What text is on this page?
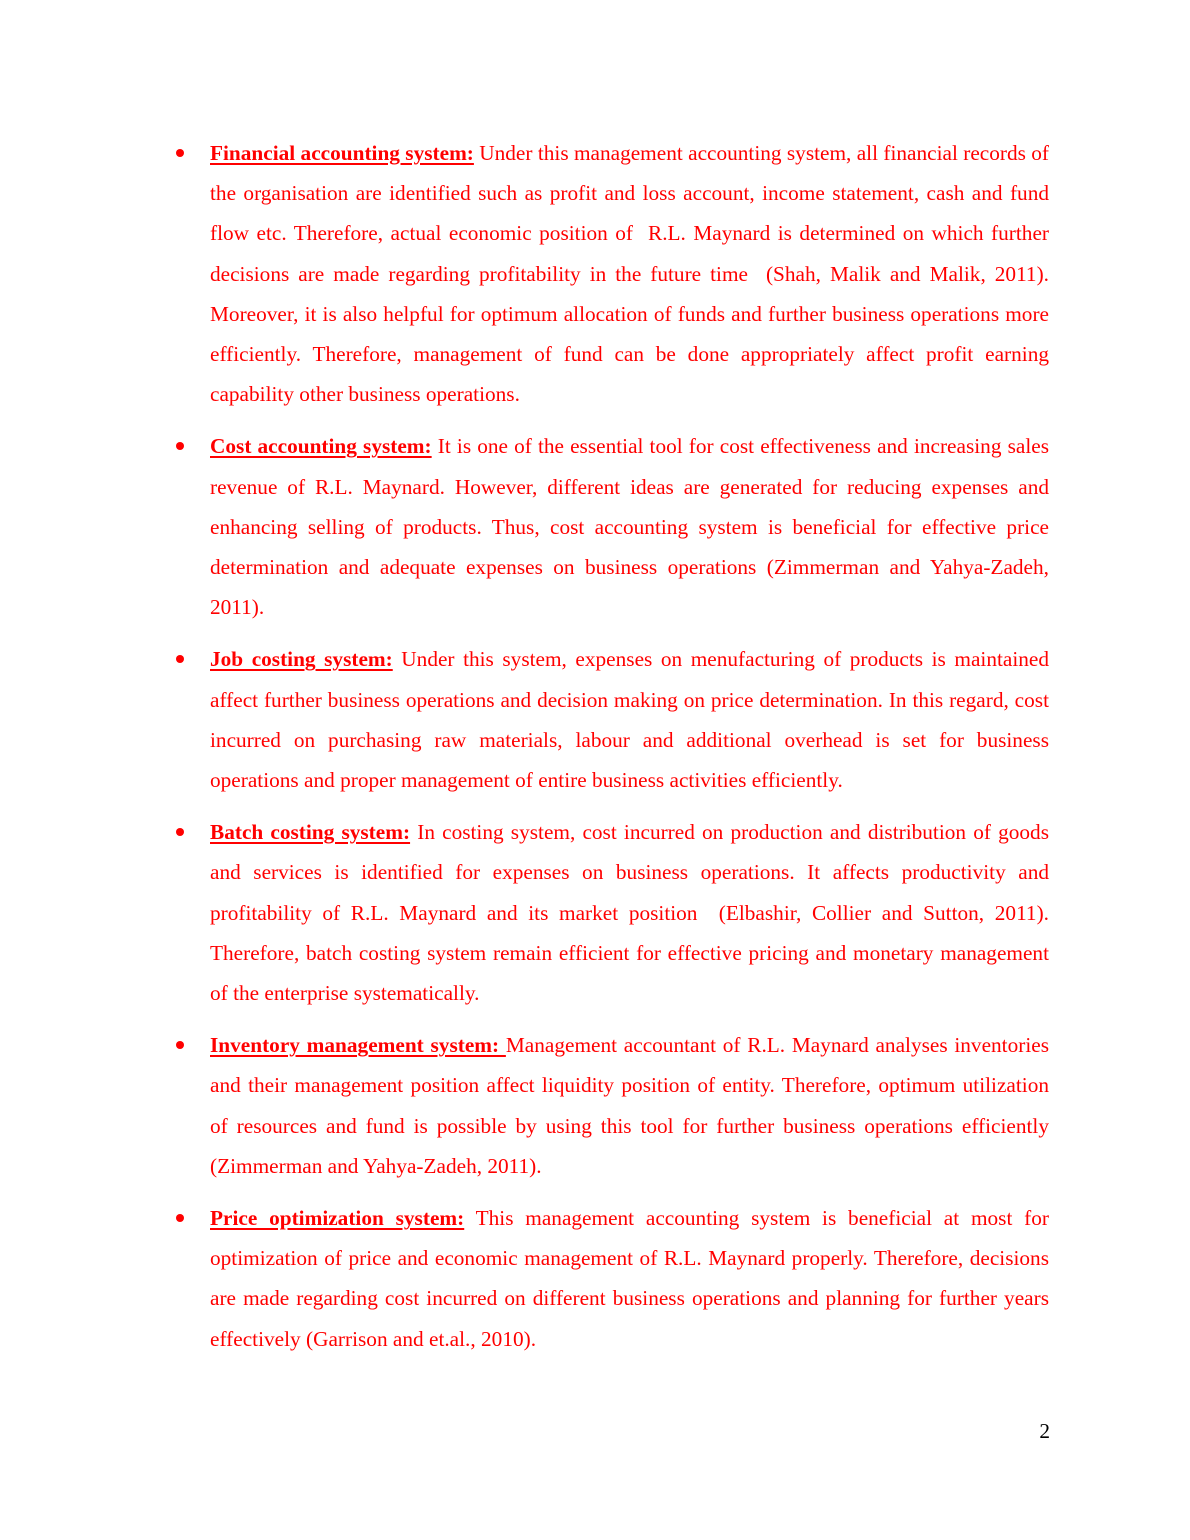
Financial accounting system: Under this management accounting system, all financial records of the organisation are identified such as profit and loss account, income statement, cash and fund flow etc. Therefore, actual economic position of  R.L. Maynard is determined on which further decisions are made regarding profitability in the future time  (Shah, Malik and Malik, 2011). Moreover, it is also helpful for optimum allocation of funds and further business operations more efficiently. Therefore, management of fund can be done appropriately affect profit earning capability other business operations.
Cost accounting system: It is one of the essential tool for cost effectiveness and increasing sales revenue of R.L. Maynard. However, different ideas are generated for reducing expenses and enhancing selling of products. Thus, cost accounting system is beneficial for effective price determination and adequate expenses on business operations (Zimmerman and Yahya-Zadeh, 2011).
Job costing system: Under this system, expenses on menufacturing of products is maintained affect further business operations and decision making on price determination. In this regard, cost incurred on purchasing raw materials, labour and additional overhead is set for business operations and proper management of entire business activities efficiently.
Batch costing system: In costing system, cost incurred on production and distribution of goods and services is identified for expenses on business operations. It affects productivity and profitability of R.L. Maynard and its market position  (Elbashir, Collier and Sutton, 2011). Therefore, batch costing system remain efficient for effective pricing and monetary management of the enterprise systematically.
Inventory management system: Management accountant of R.L. Maynard analyses inventories and their management position affect liquidity position of entity. Therefore, optimum utilization of resources and fund is possible by using this tool for further business operations efficiently (Zimmerman and Yahya-Zadeh, 2011).
Price optimization system: This management accounting system is beneficial at most for optimization of price and economic management of R.L. Maynard properly. Therefore, decisions are made regarding cost incurred on different business operations and planning for further years effectively (Garrison and et.al., 2010).
2
